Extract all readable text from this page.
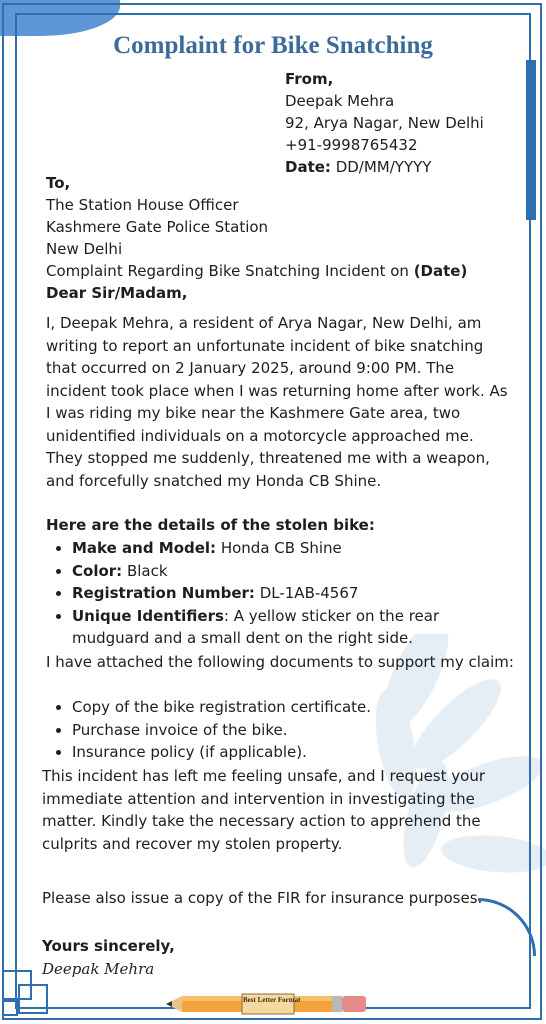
Complaint for Bike Snatching
From,
Deepak Mehra
92, Arya Nagar, New Delhi
+91-9998765432
Date: DD/MM/YYYY
To,
The Station House Officer
Kashmere Gate Police Station
New Delhi
Complaint Regarding Bike Snatching Incident on (Date)
Dear Sir/Madam,
I, Deepak Mehra, a resident of Arya Nagar, New Delhi, am writing to report an unfortunate incident of bike snatching that occurred on 2 January 2025, around 9:00 PM. The incident took place when I was returning home after work. As I was riding my bike near the Kashmere Gate area, two unidentified individuals on a motorcycle approached me. They stopped me suddenly, threatened me with a weapon, and forcefully snatched my Honda CB Shine.
Here are the details of the stolen bike:
• Make and Model: Honda CB Shine
• Color: Black
• Registration Number: DL-1AB-4567
• Unique Identifiers: A yellow sticker on the rear mudguard and a small dent on the right side.
I have attached the following documents to support my claim:
• Copy of the bike registration certificate.
• Purchase invoice of the bike.
• Insurance policy (if applicable).
This incident has left me feeling unsafe, and I request your immediate attention and intervention in investigating the matter. Kindly take the necessary action to apprehend the culprits and recover my stolen property.
Please also issue a copy of the FIR for insurance purposes.
Yours sincerely,
Deepak Mehra
Best Letter Format
